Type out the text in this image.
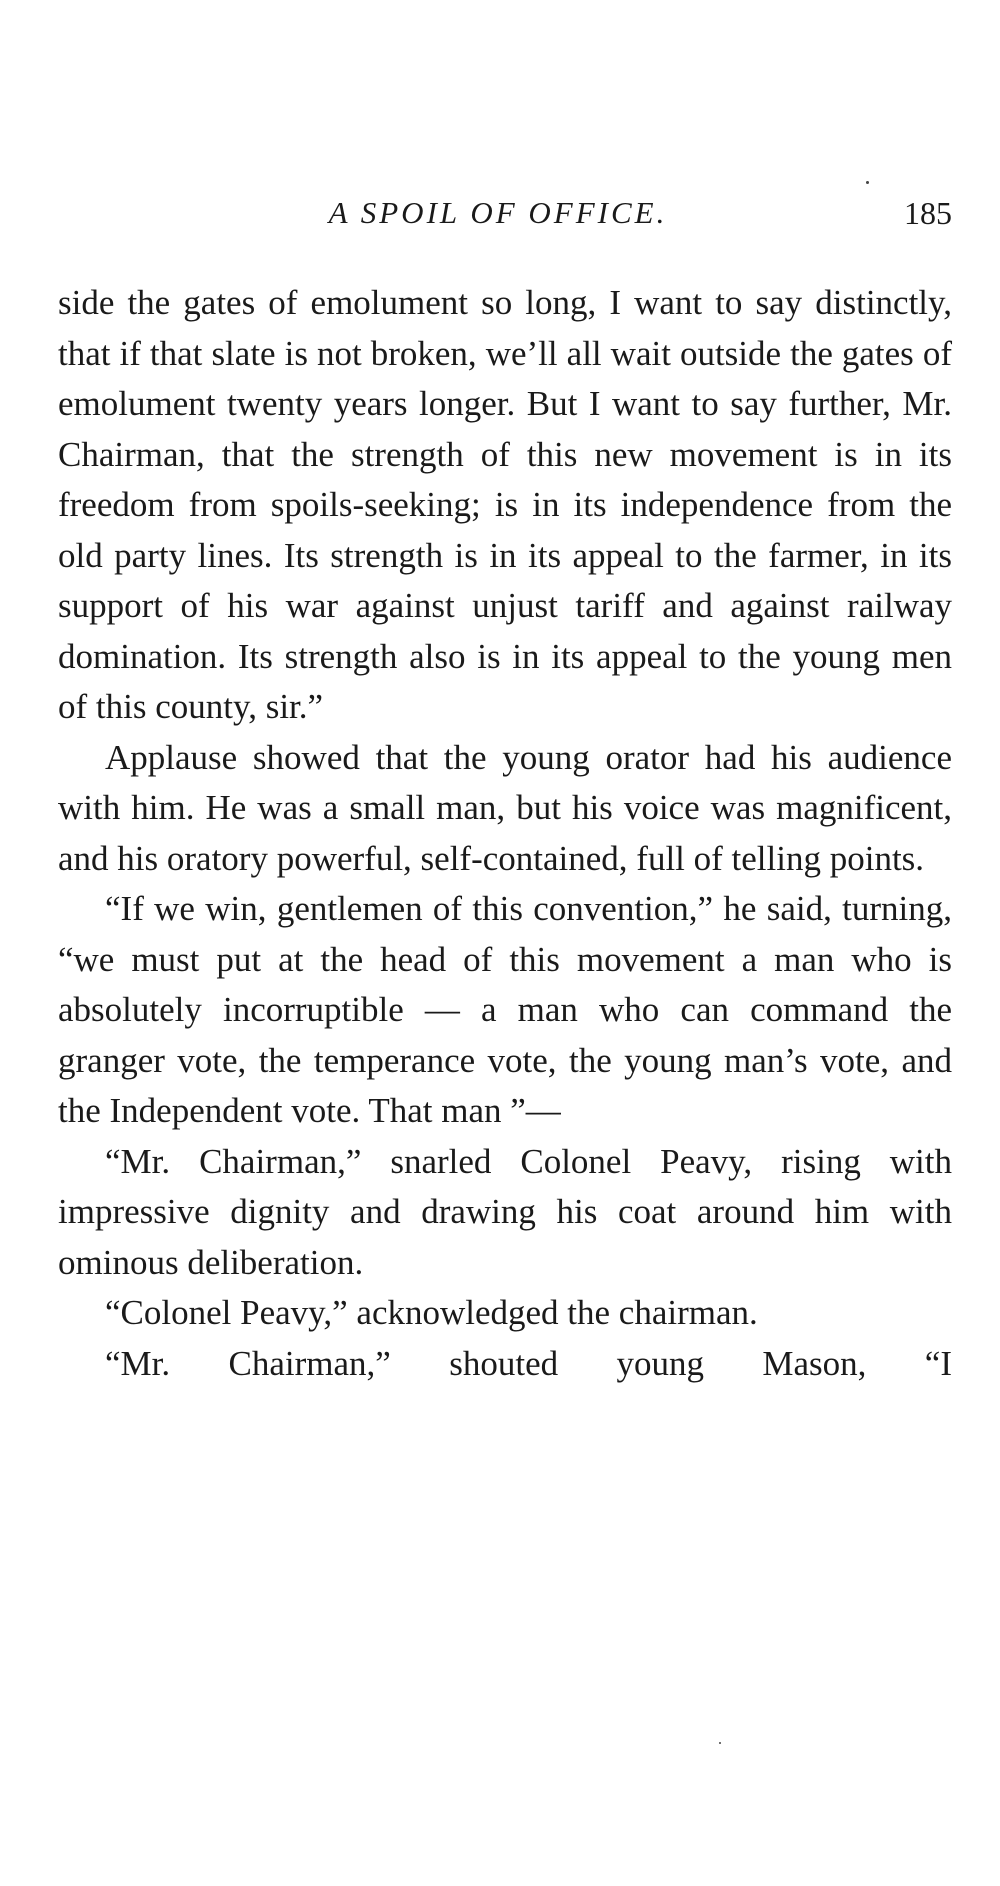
A SPOIL OF OFFICE.	185

side the gates of emolument so long, I want to say distinctly, that if that slate is not broken, we’ll all wait outside the gates of emolument twenty years longer. But I want to say further, Mr. Chairman, that the strength of this new movement is in its freedom from spoils-seeking; is in its independence from the old party lines. Its strength is in its appeal to the farmer, in its support of his war against unjust tariff and against railway domination. Its strength also is in its appeal to the young men of this county, sir.”

Applause showed that the young orator had his audience with him. He was a small man, but his voice was magnificent, and his oratory powerful, self-contained, full of telling points.

“If we win, gentlemen of this convention,” he said, turning, “we must put at the head of this movement a man who is absolutely incorruptible — a man who can command the granger vote, the temperance vote, the young man’s vote, and the Independent vote. That man ”—

“Mr. Chairman,” snarled Colonel Peavy, rising with impressive dignity and drawing his coat around him with ominous deliberation.

“Colonel Peavy,” acknowledged the chairman.

“Mr. Chairman,” shouted young Mason, “I
